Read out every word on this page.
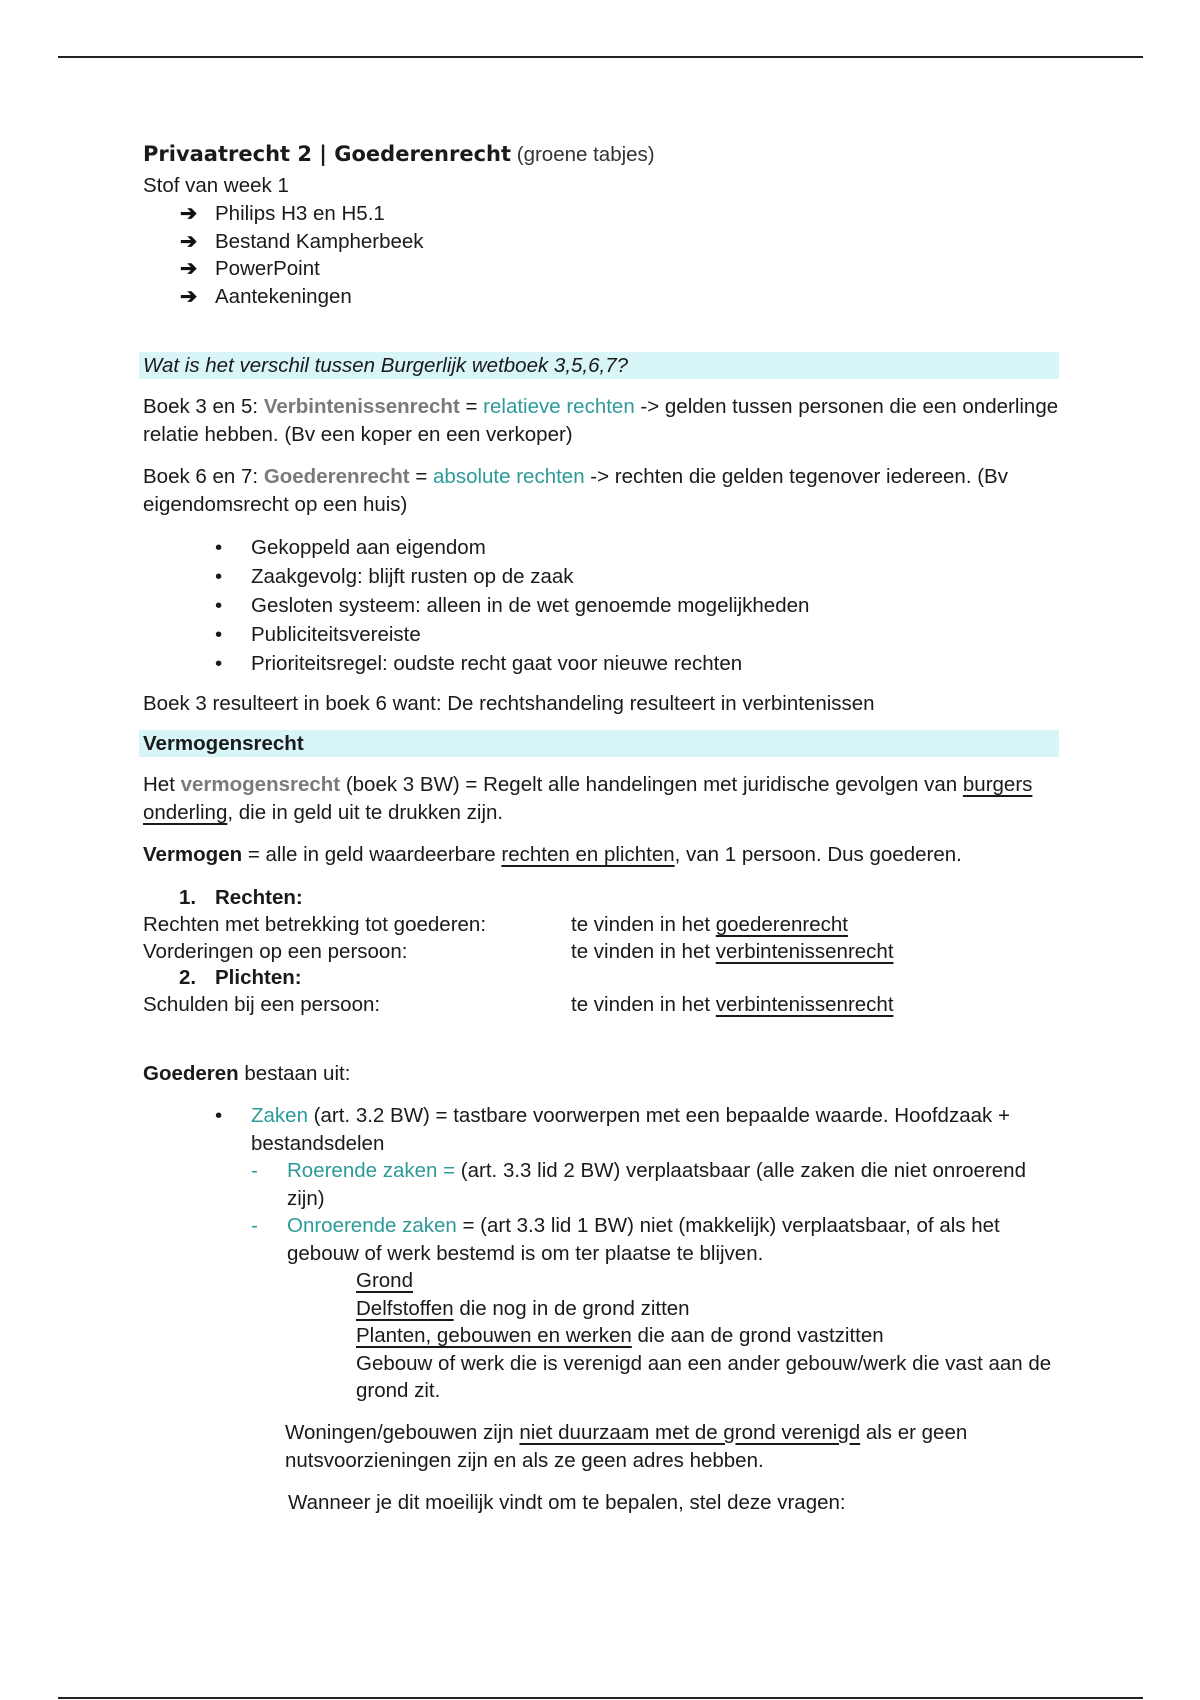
Privaatrecht 2 | Goederenrecht (groene tabjes)

Stof van week 1

➔ Philips H3 en H5.1
➔ Bestand Kampherbeek
➔ PowerPoint
➔ Aantekeningen

Wat is het verschil tussen Burgerlijk wetboek 3,5,6,7?

Boek 3 en 5: Verbintenissenrecht = relatieve rechten -> gelden tussen personen die een onderlinge relatie hebben. (Bv een koper en een verkoper)

Boek 6 en 7: Goederenrecht = absolute rechten -> rechten die gelden tegenover iedereen. (Bv eigendomsrecht op een huis)

• Gekoppeld aan eigendom
• Zaakgevolg: blijft rusten op de zaak
• Gesloten systeem: alleen in de wet genoemde mogelijkheden
• Publiciteitsvereiste
• Prioriteitsregel: oudste recht gaat voor nieuwe rechten

Boek 3 resulteert in boek 6 want: De rechtshandeling resulteert in verbintenissen

Vermogensrecht

Het vermogensrecht (boek 3 BW) = Regelt alle handelingen met juridische gevolgen van burgers onderling, die in geld uit te drukken zijn.

Vermogen = alle in geld waardeerbare rechten en plichten, van 1 persoon. Dus goederen.

1. Rechten:
Rechten met betrekking tot goederen:	te vinden in het goederenrecht
Vorderingen op een persoon:	te vinden in het verbintenissenrecht
2. Plichten:
Schulden bij een persoon:	te vinden in het verbintenissenrecht

Goederen bestaan uit:

• Zaken (art. 3.2 BW) = tastbare voorwerpen met een bepaalde waarde. Hoofdzaak + bestandsdelen
- Roerende zaken = (art. 3.3 lid 2 BW) verplaatsbaar (alle zaken die niet onroerend zijn)
- Onroerende zaken = (art 3.3 lid 1 BW) niet (makkelijk) verplaatsbaar, of als het gebouw of werk bestemd is om ter plaatse te blijven.
Grond
Delfstoffen die nog in de grond zitten
Planten, gebouwen en werken die aan de grond vastzitten
Gebouw of werk die is verenigd aan een ander gebouw/werk die vast aan de grond zit.

Woningen/gebouwen zijn niet duurzaam met de grond verenigd als er geen nutsvoorzieningen zijn en als ze geen adres hebben.

Wanneer je dit moeilijk vindt om te bepalen, stel deze vragen:
